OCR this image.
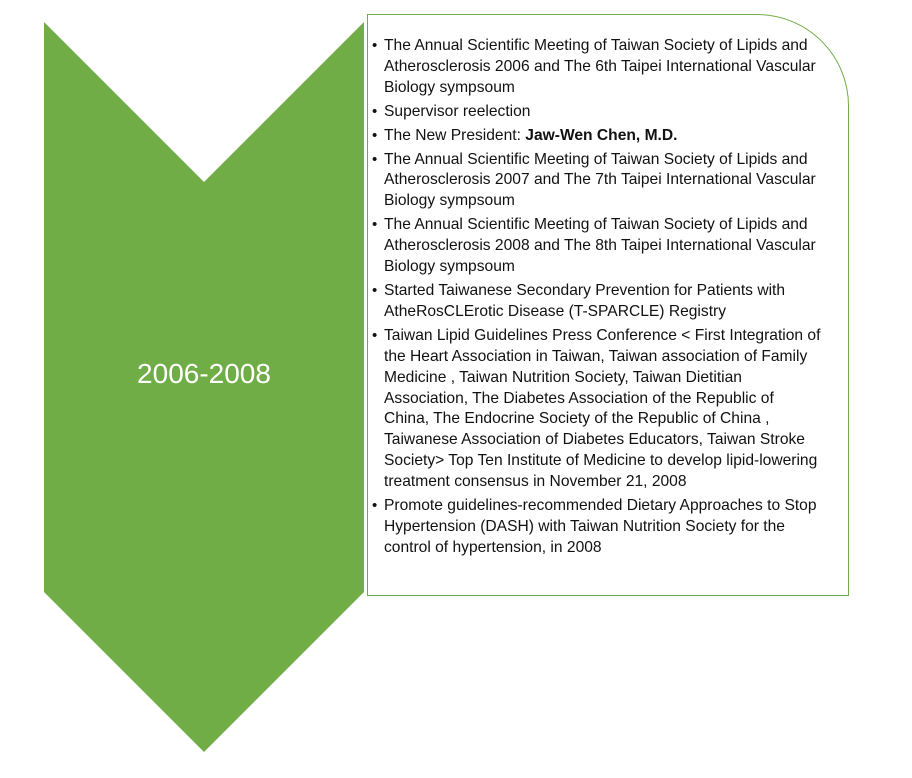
2006-2008
• The Annual Scientific Meeting of Taiwan Society of Lipids and Atherosclerosis 2006 and The 6th Taipei International Vascular Biology sympsoum
• Supervisor reelection
• The New President: Jaw-Wen Chen, M.D.
• The Annual Scientific Meeting of Taiwan Society of Lipids and Atherosclerosis 2007 and The 7th Taipei International Vascular Biology sympsoum
• The Annual Scientific Meeting of Taiwan Society of Lipids and Atherosclerosis 2008 and The 8th Taipei International Vascular Biology sympsoum
• Started Taiwanese Secondary Prevention for Patients with AtheRosCLErotic Disease (T-SPARCLE) Registry
• Taiwan Lipid Guidelines Press Conference < First Integration of the Heart Association in Taiwan, Taiwan association of Family Medicine , Taiwan Nutrition Society, Taiwan Dietitian Association, The Diabetes Association of the Republic of China, The Endocrine Society of the Republic of China , Taiwanese Association of Diabetes Educators, Taiwan Stroke Society> Top Ten Institute of Medicine to develop lipid-lowering treatment consensus in November 21, 2008
• Promote guidelines-recommended Dietary Approaches to Stop Hypertension (DASH) with Taiwan Nutrition Society for the control of hypertension, in 2008
